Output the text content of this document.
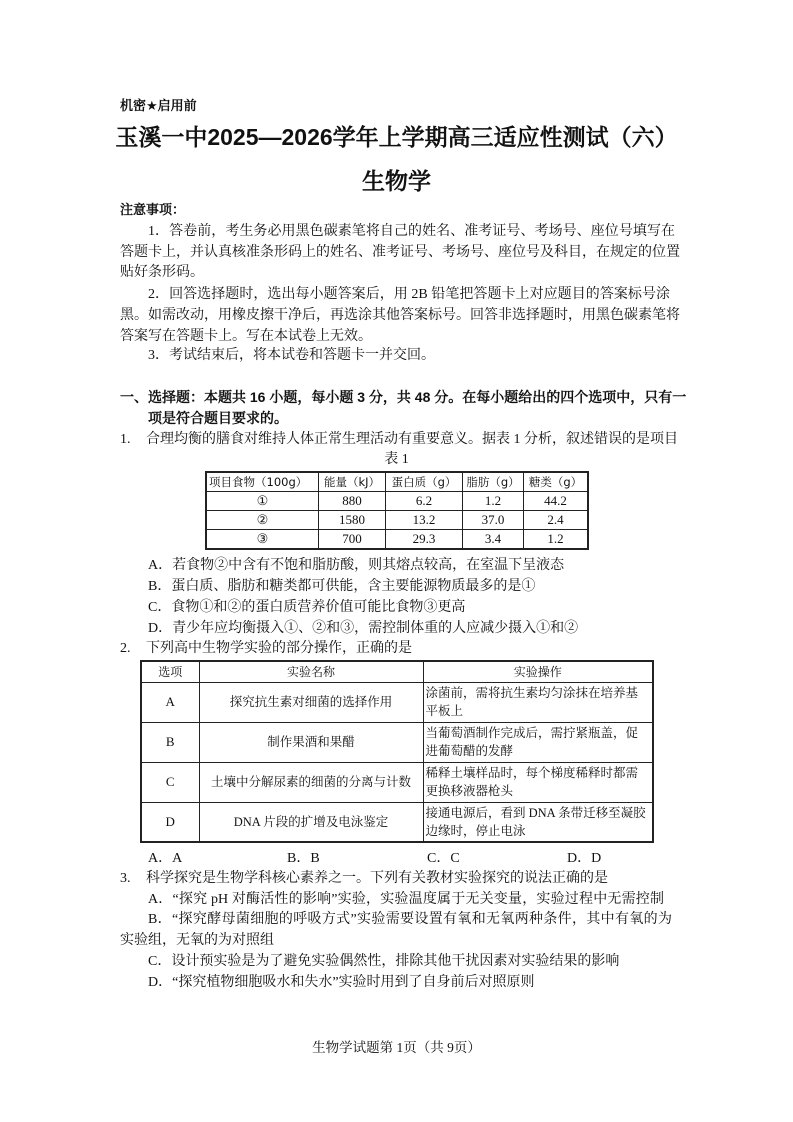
机密★启用前
玉溪一中2025—2026学年上学期高三适应性测试（六）
生物学
注意事项：
1．答卷前，考生务必用黑色碳素笔将自己的姓名、准考证号、考场号、座位号填写在
答题卡上，并认真核准条形码上的姓名、准考证号、考场号、座位号及科目，在规定的位置
贴好条形码。
2．回答选择题时，选出每小题答案后，用 2B 铅笔把答题卡上对应题目的答案标号涂
黑。如需改动，用橡皮擦干净后，再选涂其他答案标号。回答非选择题时，用黑色碳素笔将
答案写在答题卡上。写在本试卷上无效。
3．考试结束后，将本试卷和答题卡一并交回。
一、选择题：本题共 16 小题，每小题 3 分，共 48 分。在每小题给出的四个选项中，只有一
项是符合题目要求的。
1. 合理均衡的膳食对维持人体正常生理活动有重要意义。据表 1 分析，叙述错误的是项目
表 1
项目食物（100g）	能量（kJ）	蛋白质（g）	脂肪（g）	糖类（g）
①	880	6.2	1.2	44.2
②	1580	13.2	37.0	2.4
③	700	29.3	3.4	1.2
A．若食物②中含有不饱和脂肪酸，则其熔点较高，在室温下呈液态
B．蛋白质、脂肪和糖类都可供能，含主要能源物质最多的是①
C．食物①和②的蛋白质营养价值可能比食物③更高
D．青少年应均衡摄入①、②和③，需控制体重的人应减少摄入①和②
2. 下列高中生物学实验的部分操作，正确的是
选项	实验名称	实验操作
A	探究抗生素对细菌的选择作用	涂菌前，需将抗生素均匀涂抹在培养基平板上
B	制作果酒和果醋	当葡萄酒制作完成后，需拧紧瓶盖，促进葡萄醋的发酵
C	土壤中分解尿素的细菌的分离与计数	稀释土壤样品时，每个梯度稀释时都需更换移液器枪头
D	DNA 片段的扩增及电泳鉴定	接通电源后，看到 DNA 条带迁移至凝胶边缘时，停止电泳
A．A	B．B	C．C	D．D
3. 科学探究是生物学科核心素养之一。下列有关教材实验探究的说法正确的是
A．“探究 pH 对酶活性的影响”实验，实验温度属于无关变量，实验过程中无需控制
B．“探究酵母菌细胞的呼吸方式”实验需要设置有氧和无氧两种条件，其中有氧的为
实验组，无氧的为对照组
C．设计预实验是为了避免实验偶然性，排除其他干扰因素对实验结果的影响
D．“探究植物细胞吸水和失水”实验时用到了自身前后对照原则
生物学试题第 1页（共 9页）
